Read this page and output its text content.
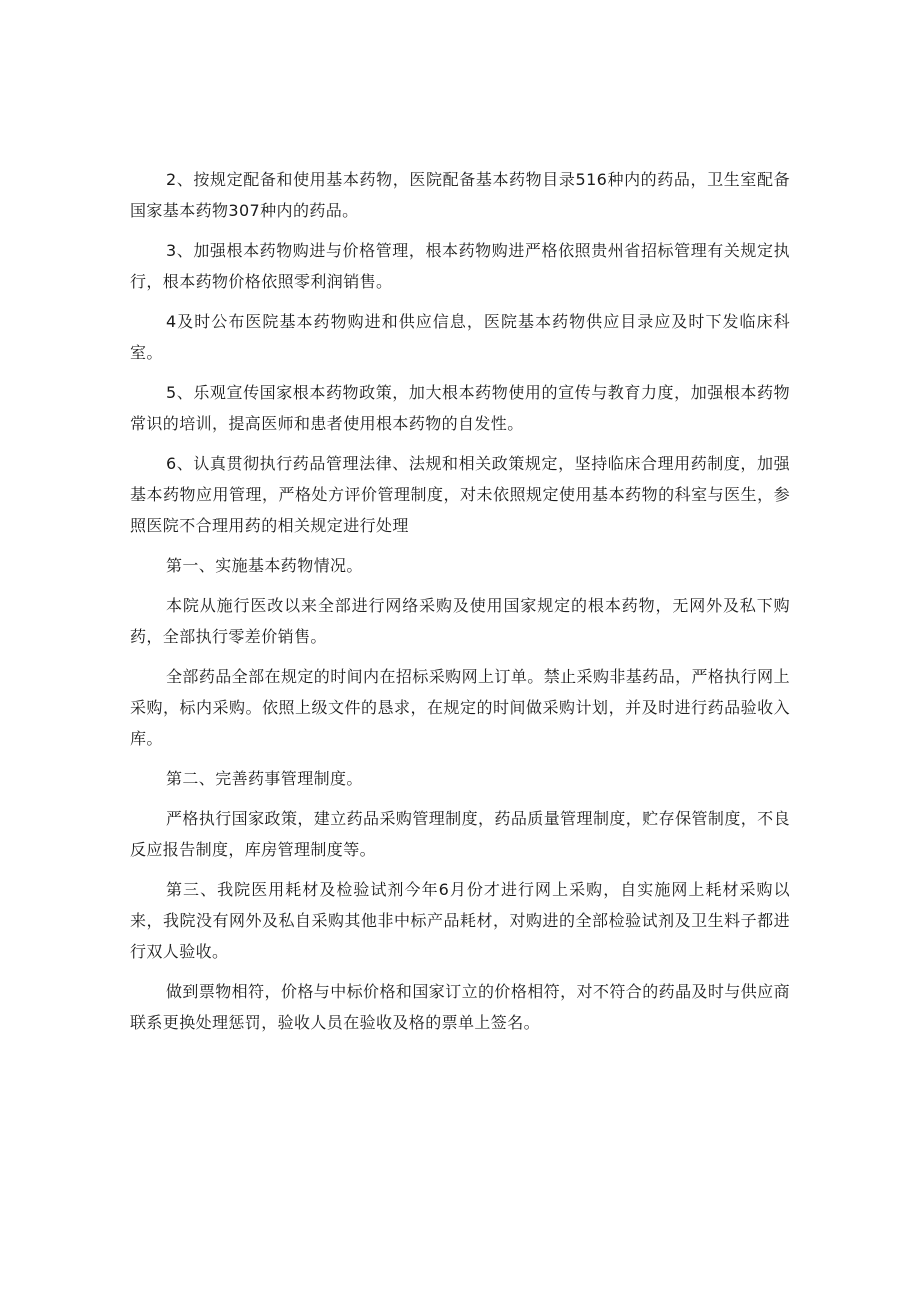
2、按规定配备和使用基本药物，医院配备基本药物目录516种内的药品，卫生室配备国家基本药物307种内的药品。

3、加强根本药物购进与价格管理，根本药物购进严格依照贵州省招标管理有关规定执行，根本药物价格依照零利润销售。

4及时公布医院基本药物购进和供应信息，医院基本药物供应目录应及时下发临床科室。

5、乐观宣传国家根本药物政策，加大根本药物使用的宣传与教育力度，加强根本药物常识的培训，提高医师和患者使用根本药物的自发性。

6、认真贯彻执行药品管理法律、法规和相关政策规定，坚持临床合理用药制度，加强基本药物应用管理，严格处方评价管理制度，对未依照规定使用基本药物的科室与医生，参照医院不合理用药的相关规定进行处理

第一、实施基本药物情况。

本院从施行医改以来全部进行网络采购及使用国家规定的根本药物，无网外及私下购药，全部执行零差价销售。

全部药品全部在规定的时间内在招标采购网上订单。禁止采购非基药品，严格执行网上采购，标内采购。依照上级文件的恳求，在规定的时间做采购计划，并及时进行药品验收入库。

第二、完善药事管理制度。

严格执行国家政策，建立药品采购管理制度，药品质量管理制度，贮存保管制度，不良反应报告制度，库房管理制度等。

第三、我院医用耗材及检验试剂今年6月份才进行网上采购，自实施网上耗材采购以来，我院没有网外及私自采购其他非中标产品耗材，对购进的全部检验试剂及卫生料子都进行双人验收。

做到票物相符，价格与中标价格和国家订立的价格相符，对不符合的药晶及时与供应商联系更换处理惩罚，验收人员在验收及格的票单上签名。
